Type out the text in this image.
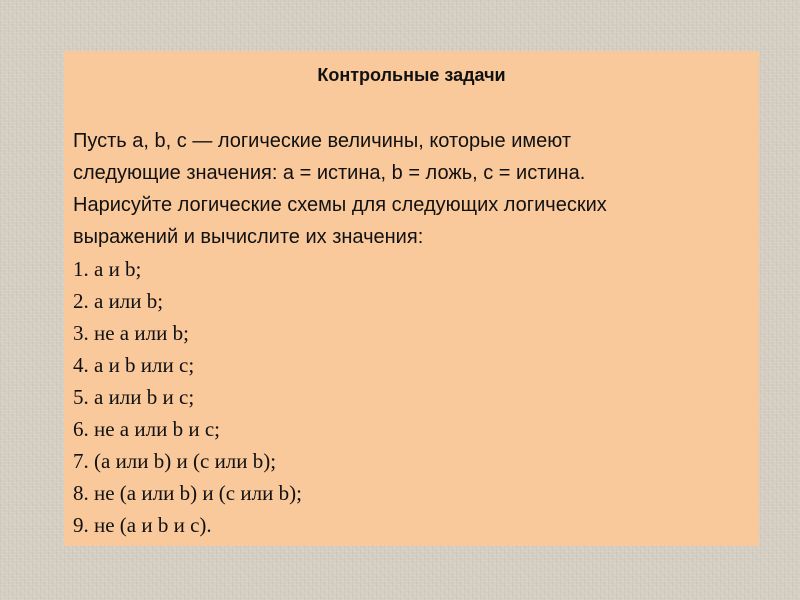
Контрольные задачи

Пусть a, b, c — логические величины, которые имеют

следующие значения: a = истина, b = ложь, c = истина.

Нарисуйте логические схемы для следующих логических

выражений и вычислите их значения:

1. a и b;
2. a или b;
3. не a или b;
4. a и b или c;
5. a или b и c;
6. не a или b и c;
7. (a или b) и (c или b);
8. не (a или b) и (c или b);
9. не (a и b и c).
